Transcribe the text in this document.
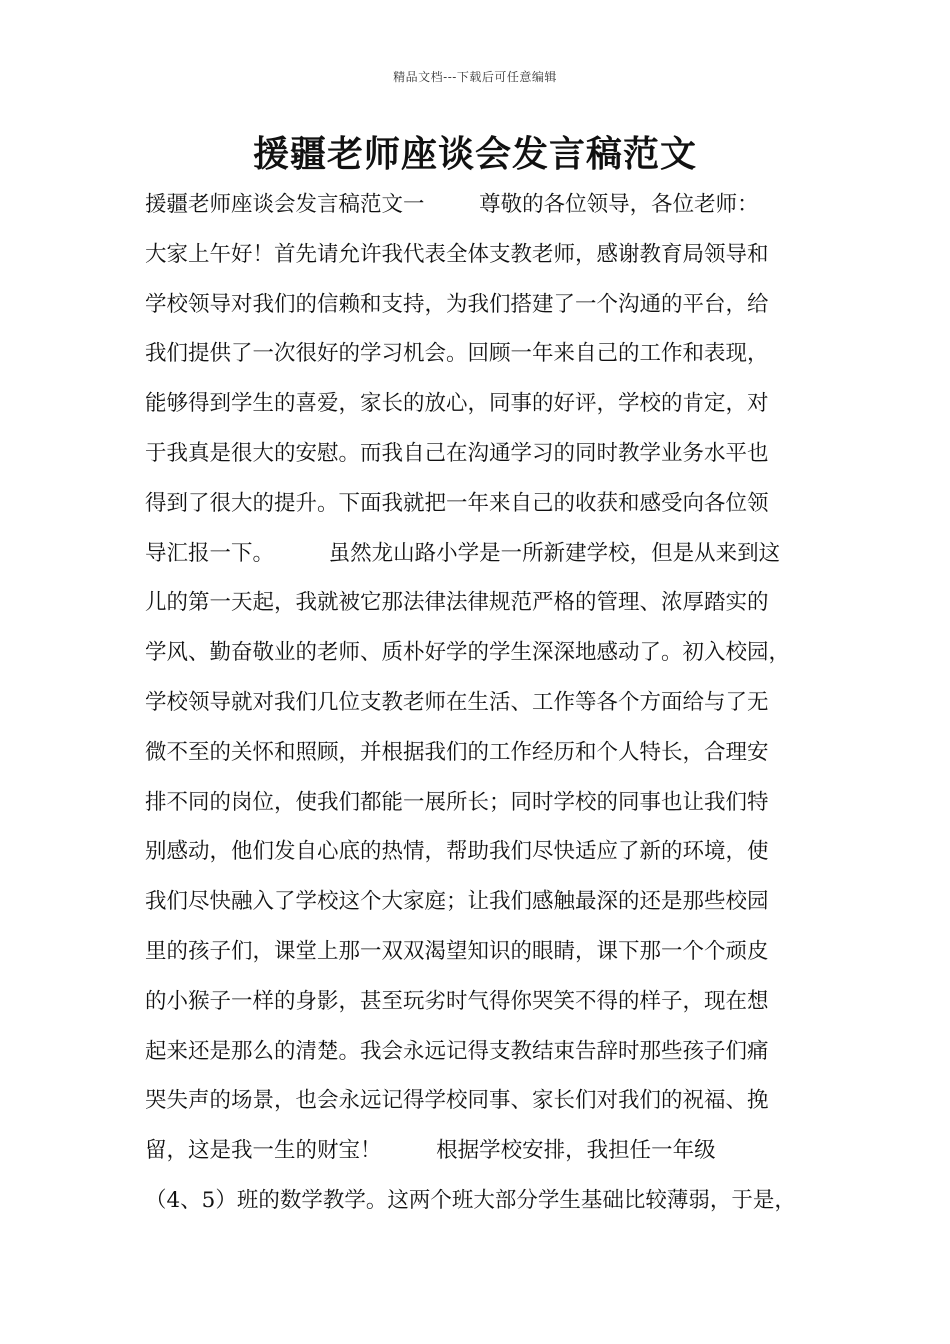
精品文档---下载后可任意编辑
援疆老师座谈会发言稿范文
援疆老师座谈会发言稿范文一        尊敬的各位领导，各位老师：
大家上午好！首先请允许我代表全体支教老师，感谢教育局领导和
学校领导对我们的信赖和支持，为我们搭建了一个沟通的平台，给
我们提供了一次很好的学习机会。回顾一年来自己的工作和表现，
能够得到学生的喜爱，家长的放心，同事的好评，学校的肯定，对
于我真是很大的安慰。而我自己在沟通学习的同时教学业务水平也
得到了很大的提升。下面我就把一年来自己的收获和感受向各位领
导汇报一下。        虽然龙山路小学是一所新建学校，但是从来到这
儿的第一天起，我就被它那法律法律规范严格的管理、浓厚踏实的
学风、勤奋敬业的老师、质朴好学的学生深深地感动了。初入校园，
学校领导就对我们几位支教老师在生活、工作等各个方面给与了无
微不至的关怀和照顾，并根据我们的工作经历和个人特长，合理安
排不同的岗位，使我们都能一展所长；同时学校的同事也让我们特
别感动，他们发自心底的热情，帮助我们尽快适应了新的环境，使
我们尽快融入了学校这个大家庭；让我们感触最深的还是那些校园
里的孩子们，课堂上那一双双渴望知识的眼睛，课下那一个个顽皮
的小猴子一样的身影，甚至玩劣时气得你哭笑不得的样子，现在想
起来还是那么的清楚。我会永远记得支教结束告辞时那些孩子们痛
哭失声的场景，也会永远记得学校同事、家长们对我们的祝福、挽
留，这是我一生的财宝！        根据学校安排，我担任一年级
（4、5）班的数学教学。这两个班大部分学生基础比较薄弱，于是，
